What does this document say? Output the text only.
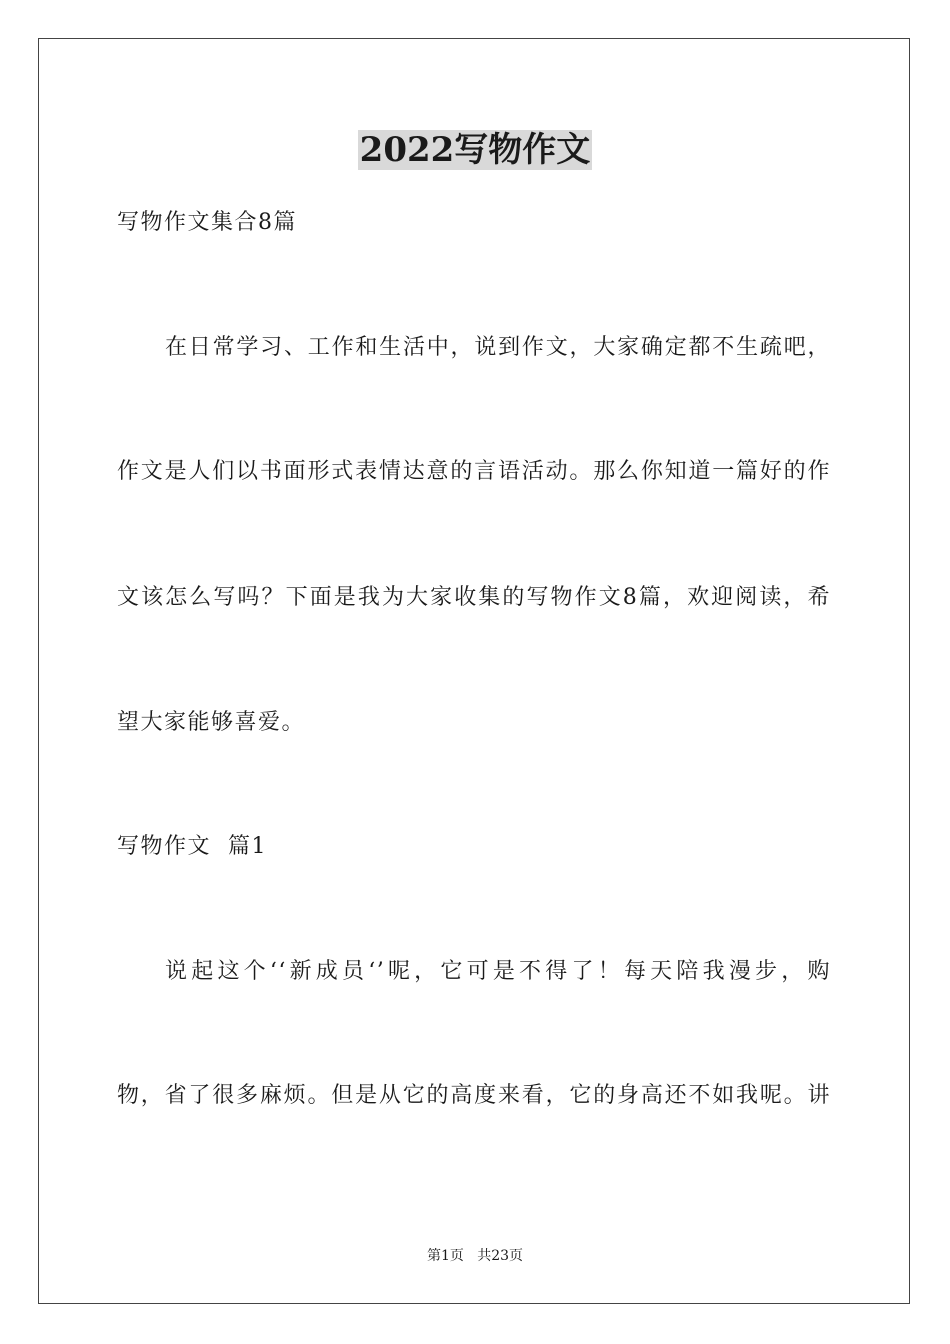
2022写物作文
写物作文集合8篇
在日常学习、工作和生活中，说到作文，大家确定都不生疏吧，
作文是人们以书面形式表情达意的言语活动。那么你知道一篇好的作
文该怎么写吗？下面是我为大家收集的写物作文8篇，欢迎阅读，希
望大家能够喜爱。
写物作文  篇1
说起这个‘‘新成员‘’呢，它可是不得了！每天陪我漫步，购
物，省了很多麻烦。但是从它的高度来看，它的身高还不如我呢。讲
第1页   共23页
